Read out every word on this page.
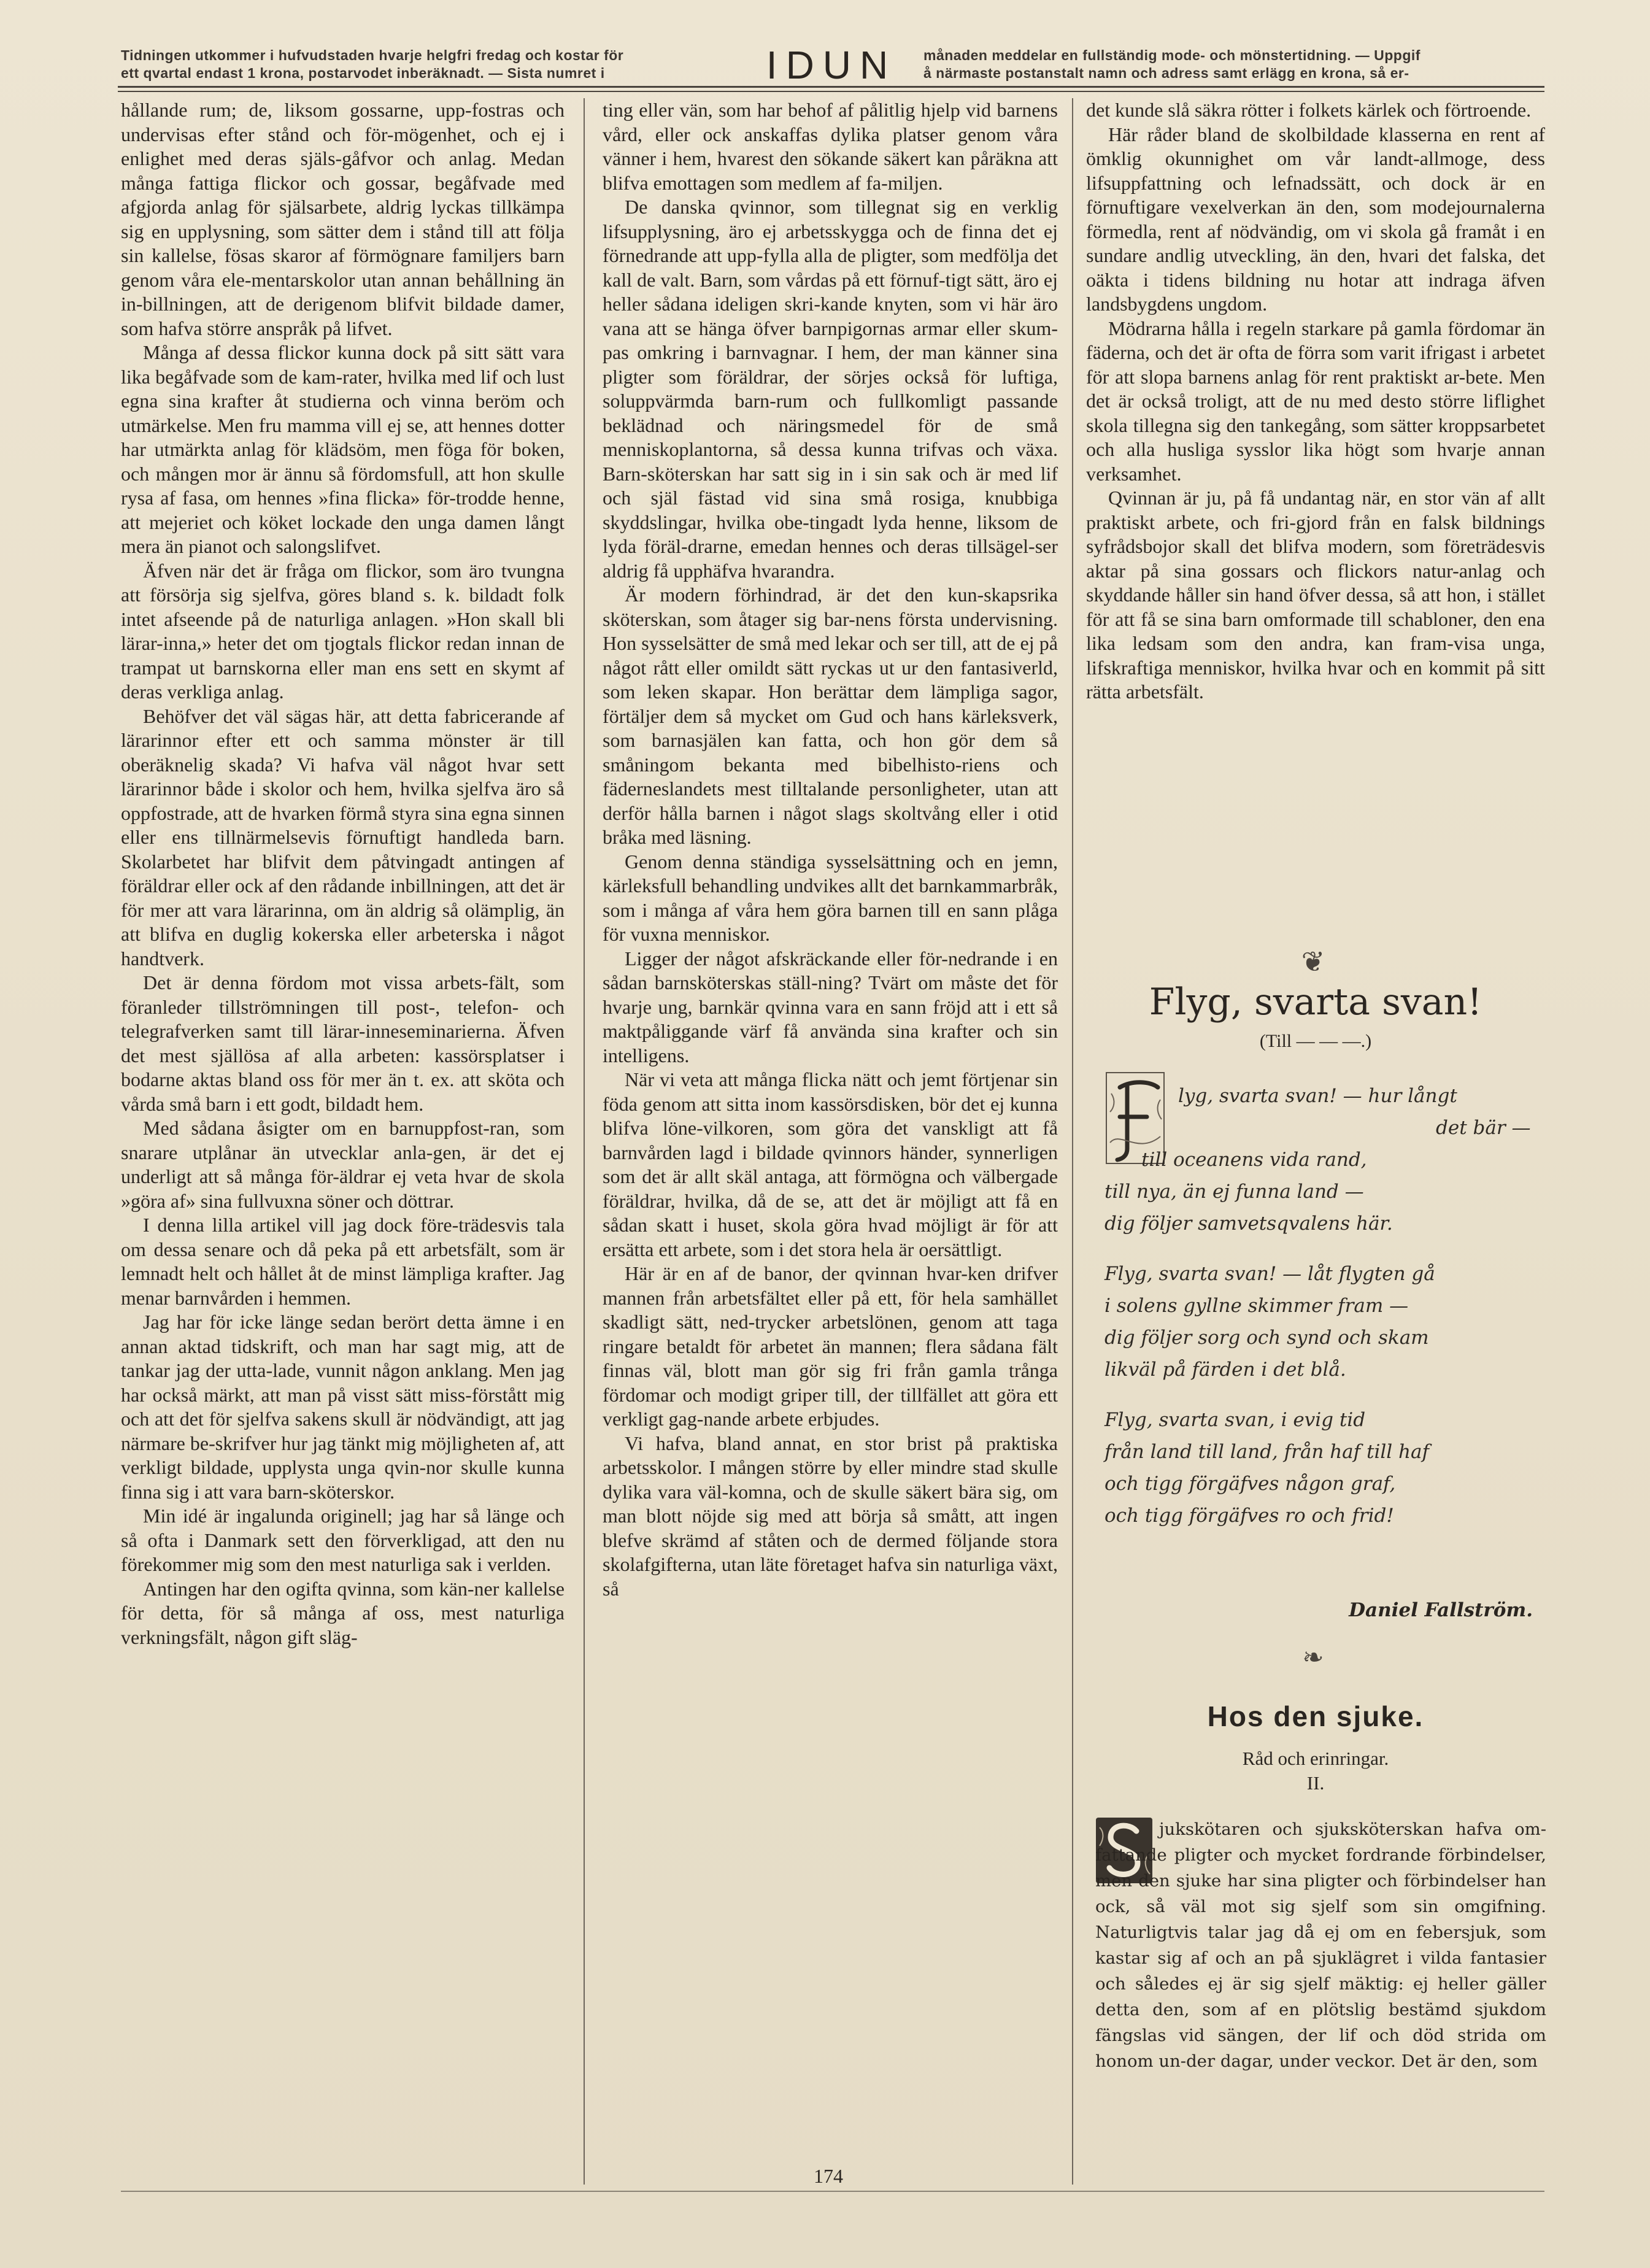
Tidningen utkommer i hufvudstaden hvarje helgfri fredag och kostar för
ett qvartal endast 1 krona, postarvodet inberäknadt. — Sista numret i	IDUN	månaden meddelar en fullständig mode- och mönstertidning. — Uppgif
å närmaste postanstalt namn och adress samt erlägg en krona, så er-

hållande rum; de, liksom gossarne, upp-fostras och undervisas efter stånd och för-mögenhet, och ej i enlighet med deras själs-gåfvor och anlag. Medan många fattiga flickor och gossar, begåfvade med afgjorda anlag för själsarbete, aldrig lyckas tillkämpa sig en upplysning, som sätter dem i stånd till att följa sin kallelse, fösas skaror af förmögnare familjers barn genom våra ele-mentarskolor utan annan behållning än in-billningen, att de derigenom blifvit bildade damer, som hafva större anspråk på lifvet.

Många af dessa flickor kunna dock på sitt sätt vara lika begåfvade som de kam-rater, hvilka med lif och lust egna sina krafter åt studierna och vinna beröm och utmärkelse. Men fru mamma vill ej se, att hennes dotter har utmärkta anlag för klädsöm, men föga för boken, och mången mor är ännu så fördomsfull, att hon skulle rysa af fasa, om hennes »fina flicka» för-trodde henne, att mejeriet och köket lockade den unga damen långt mera än pianot och salongslifvet.

Äfven när det är fråga om flickor, som äro tvungna att försörja sig sjelfva, göres bland s. k. bildadt folk intet afseende på de naturliga anlagen. »Hon skall bli lärar-inna,» heter det om tjogtals flickor redan innan de trampat ut barnskorna eller man ens sett en skymt af deras verkliga anlag.

Behöfver det väl sägas här, att detta fabricerande af lärarinnor efter ett och samma mönster är till oberäknelig skada? Vi hafva väl något hvar sett lärarinnor både i skolor och hem, hvilka sjelfva äro så oppfostrade, att de hvarken förmå styra sina egna sinnen eller ens tillnärmelsevis förnuftigt handleda barn. Skolarbetet har blifvit dem påtvingadt antingen af föräldrar eller ock af den rådande inbillningen, att det är för mer att vara lärarinna, om än aldrig så olämplig, än att blifva en duglig kokerska eller arbeterska i något handtverk.

Det är denna fördom mot vissa arbets-fält, som föranleder tillströmningen till post-, telefon- och telegrafverken samt till lärar-inneseminarierna. Äfven det mest själlösa af alla arbeten: kassörsplatser i bodarne aktas bland oss för mer än t. ex. att sköta och vårda små barn i ett godt, bildadt hem.

Med sådana åsigter om en barnuppfost-ran, som snarare utplånar än utvecklar anla-gen, är det ej underligt att så många för-äldrar ej veta hvar de skola »göra af» sina fullvuxna söner och döttrar.

I denna lilla artikel vill jag dock före-trädesvis tala om dessa senare och då peka på ett arbetsfält, som är lemnadt helt och hållet åt de minst lämpliga krafter. Jag menar barnvården i hemmen.

Jag har för icke länge sedan berört detta ämne i en annan aktad tidskrift, och man har sagt mig, att de tankar jag der utta-lade, vunnit någon anklang. Men jag har också märkt, att man på visst sätt miss-förstått mig och att det för sjelfva sakens skull är nödvändigt, att jag närmare be-skrifver hur jag tänkt mig möjligheten af, att verkligt bildade, upplysta unga qvin-nor skulle kunna finna sig i att vara barn-sköterskor.

Min idé är ingalunda originell; jag har så länge och så ofta i Danmark sett den förverkligad, att den nu förekommer mig som den mest naturliga sak i verlden.

Antingen har den ogifta qvinna, som kän-ner kallelse för detta, för så många af oss, mest naturliga verkningsfält, någon gift släg-

ting eller vän, som har behof af pålitlig hjelp vid barnens vård, eller ock anskaffas dylika platser genom våra vänner i hem, hvarest den sökande säkert kan påräkna att blifva emottagen som medlem af fa-miljen.

De danska qvinnor, som tillegnat sig en verklig lifsupplysning, äro ej arbetsskygga och de finna det ej förnedrande att upp-fylla alla de pligter, som medfölja det kall de valt. Barn, som vårdas på ett förnuf-tigt sätt, äro ej heller sådana ideligen skri-kande knyten, som vi här äro vana att se hänga öfver barnpigornas armar eller skum-pas omkring i barnvagnar. I hem, der man känner sina pligter som föräldrar, der sörjes också för luftiga, soluppvärmda barn-rum och fullkomligt passande beklädnad och näringsmedel för de små menniskoplantorna, så dessa kunna trifvas och växa. Barn-sköterskan har satt sig in i sin sak och är med lif och själ fästad vid sina små rosiga, knubbiga skyddslingar, hvilka obe-tingadt lyda henne, liksom de lyda föräl-drarne, emedan hennes och deras tillsägel-ser aldrig få upphäfva hvarandra.

Är modern förhindrad, är det den kun-skapsrika sköterskan, som åtager sig bar-nens första undervisning. Hon sysselsätter de små med lekar och ser till, att de ej på något rått eller omildt sätt ryckas ut ur den fantasiverld, som leken skapar. Hon berättar dem lämpliga sagor, förtäljer dem så mycket om Gud och hans kärleksverk, som barnasjälen kan fatta, och hon gör dem så småningom bekanta med bibelhisto-riens och fäderneslandets mest tilltalande personligheter, utan att derför hålla barnen i något slags skoltvång eller i otid bråka med läsning.

Genom denna ständiga sysselsättning och en jemn, kärleksfull behandling undvikes allt det barnkammarbråk, som i många af våra hem göra barnen till en sann plåga för vuxna menniskor.

Ligger der något afskräckande eller för-nedrande i en sådan barnsköterskas ställ-ning? Tvärt om måste det för hvarje ung, barnkär qvinna vara en sann fröjd att i ett så maktpåliggande värf få använda sina krafter och sin intelligens.

När vi veta att många flicka nätt och jemt förtjenar sin föda genom att sitta inom kassörsdisken, bör det ej kunna blifva löne-vilkoren, som göra det vanskligt att få barnvården lagd i bildade qvinnors händer, synnerligen som det är allt skäl antaga, att förmögna och välbergade föräldrar, hvilka, då de se, att det är möjligt att få en sådan skatt i huset, skola göra hvad möjligt är för att ersätta ett arbete, som i det stora hela är oersättligt.

Här är en af de banor, der qvinnan hvar-ken drifver mannen från arbetsfältet eller på ett, för hela samhället skadligt sätt, ned-trycker arbetslönen, genom att taga ringare betaldt för arbetet än mannen; flera sådana fält finnas väl, blott man gör sig fri från gamla trånga fördomar och modigt griper till, der tillfället att göra ett verkligt gag-nande arbete erbjudes.

Vi hafva, bland annat, en stor brist på praktiska arbetsskolor. I mången större by eller mindre stad skulle dylika vara väl-komna, och de skulle säkert bära sig, om man blott nöjde sig med att börja så smått, att ingen blefve skrämd af ståten och de dermed följande stora skolafgifterna, utan läte företaget hafva sin naturliga växt, så

det kunde slå säkra rötter i folkets kärlek och förtroende.

Här råder bland de skolbildade klasserna en rent af ömklig okunnighet om vår landt-allmoge, dess lifsuppfattning och lefnadssätt, och dock är en förnuftigare vexelverkan än den, som modejournalerna förmedla, rent af nödvändig, om vi skola gå framåt i en sundare andlig utveckling, än den, hvari det falska, det oäkta i tidens bildning nu hotar att indraga äfven landsbygdens ungdom.

Mödrarna hålla i regeln starkare på gamla fördomar än fäderna, och det är ofta de förra som varit ifrigast i arbetet för att slopa barnens anlag för rent praktiskt ar-bete. Men det är också troligt, att de nu med desto större liflighet skola tillegna sig den tankegång, som sätter kroppsarbetet och alla husliga sysslor lika högt som hvarje annan verksamhet.

Qvinnan är ju, på få undantag när, en stor vän af allt praktiskt arbete, och fri-gjord från en falsk bildnings syfrådsbojor skall det blifva modern, som företrädesvis aktar på sina gossars och flickors natur-anlag och skyddande håller sin hand öfver dessa, så att hon, i stället för att få se sina barn omformade till schabloner, den ena lika ledsam som den andra, kan fram-visa unga, lifskraftiga menniskor, hvilka hvar och en kommit på sitt rätta arbetsfält.

❦
Flyg, svarta svan!
(Till — — —.)
lyg, svarta svan! — hur långt
det bär —
till oceanens vida rand,
till nya, än ej funna land —
dig följer samvetsqvalens här.
Flyg, svarta svan! — låt flygten gå
i solens gyllne skimmer fram —
dig följer sorg och synd och skam
likväl på färden i det blå.
Flyg, svarta svan, i evig tid
från land till land, från haf till haf
och tigg förgäfves någon graf,
och tigg förgäfves ro och frid!
Daniel Fallström.
❧
Hos den sjuke.
Råd och erinringar.
II.

jukskötaren och sjuksköterskan hafva om-fattande pligter och mycket fordrande förbindelser, men den sjuke har sina pligter och förbindelser han ock, så väl mot sig sjelf som sin omgifning. Naturligtvis talar jag då ej om en febersjuk, som kastar sig af och an på sjuklägret i vilda fantasier och således ej är sig sjelf mäktig: ej heller gäller detta den, som af en plötslig bestämd sjukdom fängslas vid sängen, der lif och död strida om honom un-der dagar, under veckor. Det är den, som

174
